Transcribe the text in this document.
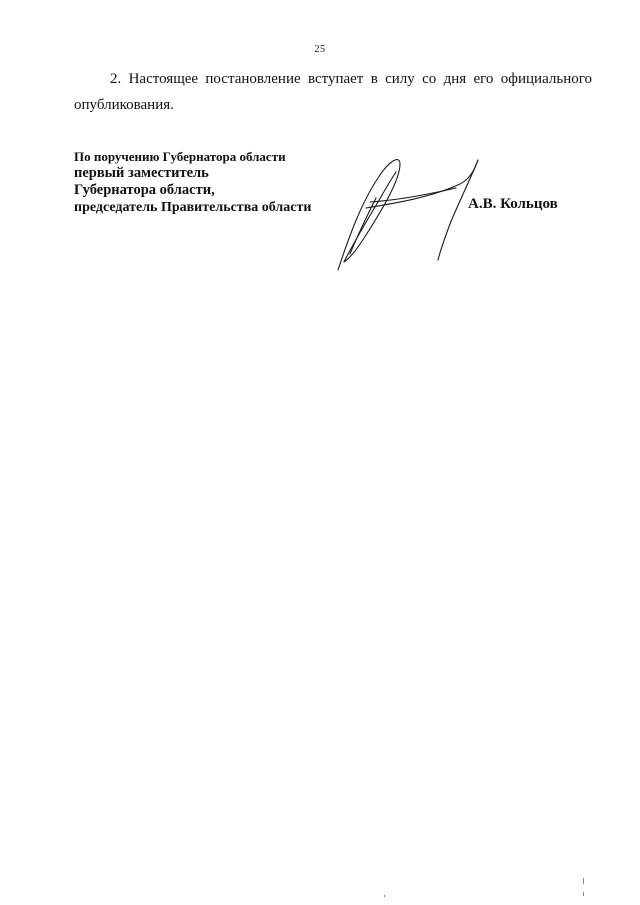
25
2. Настоящее постановление вступает в силу со дня его официального
опубликования.
По поручению Губернатора области
первый заместитель
Губернатора области,
председатель Правительства области	А.В. Кольцов
